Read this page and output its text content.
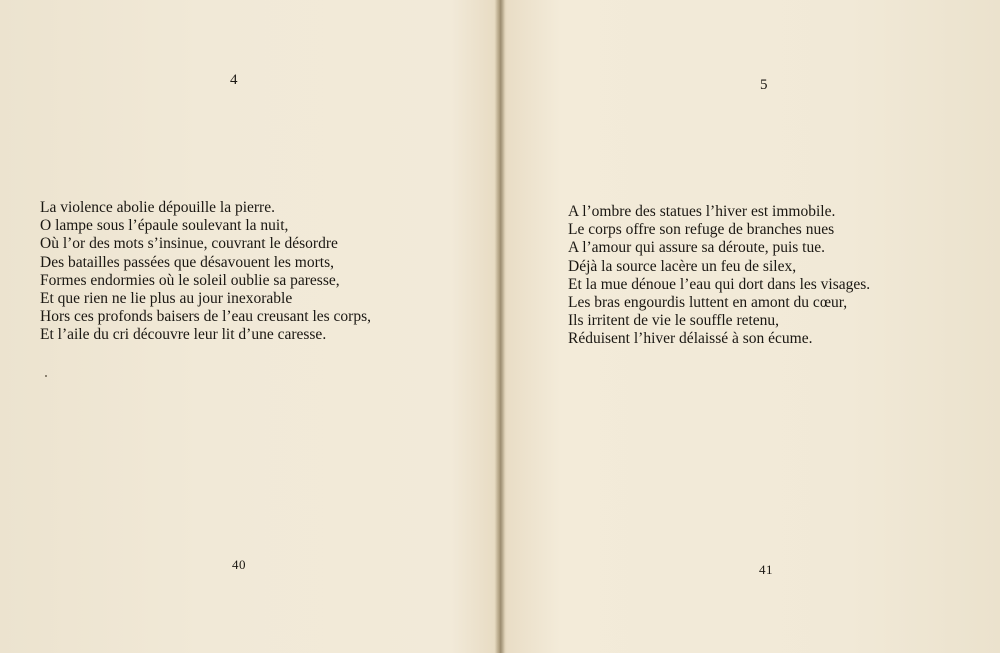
4
La violence abolie dépouille la pierre.
O lampe sous l’épaule soulevant la nuit,
Où l’or des mots s’insinue, couvrant le désordre
Des batailles passées que désavouent les morts,
Formes endormies où le soleil oublie sa paresse,
Et que rien ne lie plus au jour inexorable
Hors ces profonds baisers de l’eau creusant les corps,
Et l’aile du cri découvre leur lit d’une caresse.
40
5
A l’ombre des statues l’hiver est immobile.
Le corps offre son refuge de branches nues
A l’amour qui assure sa déroute, puis tue.
Déjà la source lacère un feu de silex,
Et la mue dénoue l’eau qui dort dans les visages.
Les bras engourdis luttent en amont du cœur,
Ils irritent de vie le souffle retenu,
Réduisent l’hiver délaissé à son écume.
41
